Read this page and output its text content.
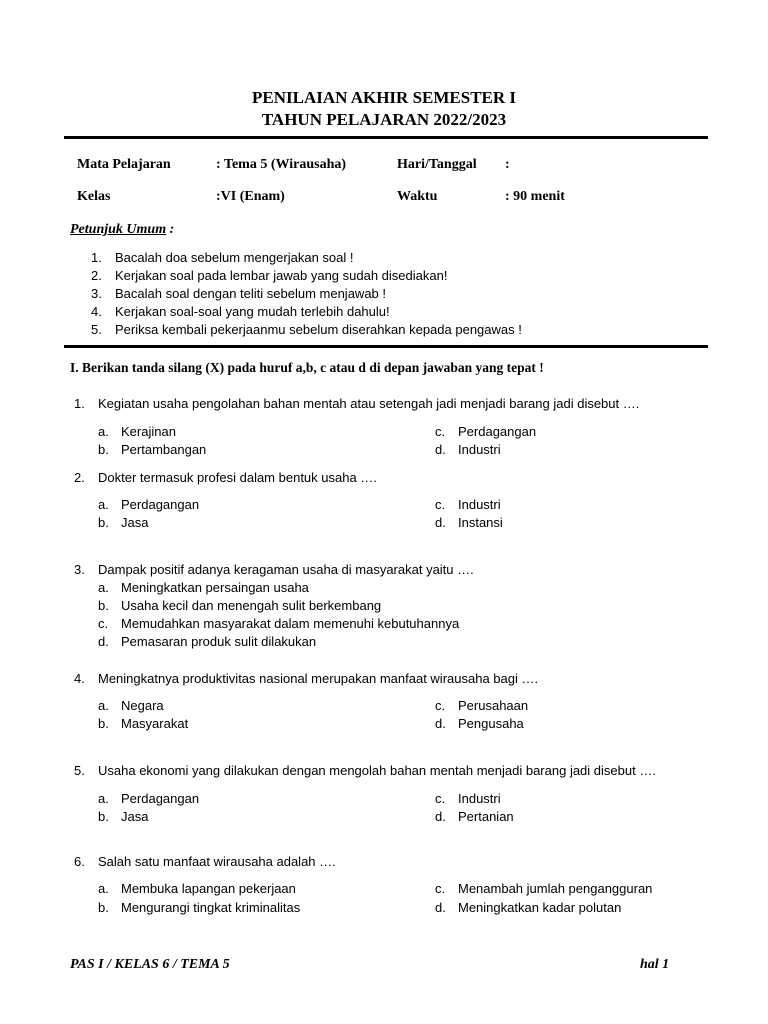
PENILAIAN AKHIR SEMESTER I
TAHUN PELAJARAN 2022/2023
Mata Pelajaran	: Tema 5 (Wirausaha)	Hari/Tanggal :
Kelas	:VI (Enam)	Waktu	: 90 menit
Petunjuk Umum :
1. Bacalah doa sebelum mengerjakan soal !
2. Kerjakan soal pada lembar jawab yang sudah disediakan!
3. Bacalah soal dengan teliti sebelum menjawab !
4. Kerjakan soal-soal yang mudah terlebih dahulu!
5. Periksa kembali pekerjaanmu sebelum diserahkan kepada pengawas !
I. Berikan tanda silang (X) pada huruf a,b, c atau d di depan jawaban yang tepat !
1. Kegiatan usaha pengolahan bahan mentah atau setengah jadi menjadi barang jadi disebut ….
a. Kerajinan
b. Pertambangan
c. Perdagangan
d. Industri
2. Dokter termasuk profesi dalam bentuk usaha ….
a. Perdagangan
b. Jasa
c. Industri
d. Instansi
3. Dampak positif adanya keragaman usaha di masyarakat yaitu ….
a. Meningkatkan persaingan usaha
b. Usaha kecil dan menengah sulit berkembang
c. Memudahkan masyarakat dalam memenuhi kebutuhannya
d. Pemasaran produk sulit dilakukan
4. Meningkatnya produktivitas nasional merupakan manfaat wirausaha bagi ….
a. Negara
b. Masyarakat
c. Perusahaan
d. Pengusaha
5. Usaha ekonomi yang dilakukan dengan mengolah bahan mentah menjadi barang jadi disebut ….
a. Perdagangan
b. Jasa
c. Industri
d. Pertanian
6. Salah satu manfaat wirausaha adalah ….
a. Membuka lapangan pekerjaan
b. Mengurangi tingkat kriminalitas
c. Menambah jumlah pengangguran
d. Meningkatkan kadar polutan
PAS I / KELAS 6 / TEMA 5	hal 1
